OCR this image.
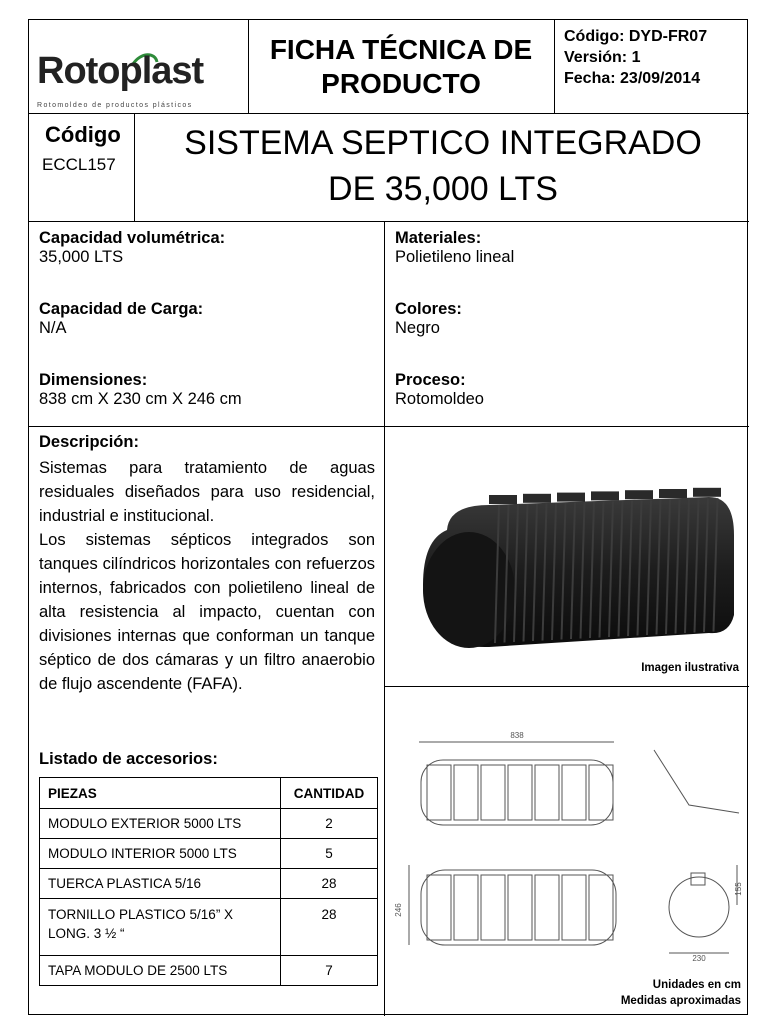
Rotoplast
Rotomoldeo de productos plásticos
FICHA TÉCNICA DE
PRODUCTO
Código: DYD-FR07
Versión: 1
Fecha: 23/09/2014
Código
ECCL157
SISTEMA SEPTICO INTEGRADO
DE 35,000 LTS
Capacidad volumétrica:
35,000 LTS
Capacidad de Carga:
N/A
Dimensiones:
838 cm X 230 cm X 246 cm
Materiales:
Polietileno lineal
Colores:
Negro
Proceso:
Rotomoldeo
Descripción:
Sistemas para tratamiento de aguas residuales diseñados para uso residencial, industrial e institucional.
Los sistemas sépticos integrados son tanques cilíndricos horizontales con refuerzos internos, fabricados con polietileno lineal de alta resistencia al impacto, cuentan con divisiones internas que conforman un tanque séptico de dos cámaras y un filtro anaerobio de flujo ascendente (FAFA).
Listado de accesorios:
PIEZAS	CANTIDAD
MODULO EXTERIOR 5000 LTS	2
MODULO INTERIOR 5000 LTS	5
TUERCA PLASTICA 5/16	28
TORNILLO PLASTICO 5/16” X LONG. 3 ½ “	28
TAPA MODULO DE 2500 LTS	7
Imagen ilustrativa
838
246
230
155
Unidades en cm
Medidas aproximadas
